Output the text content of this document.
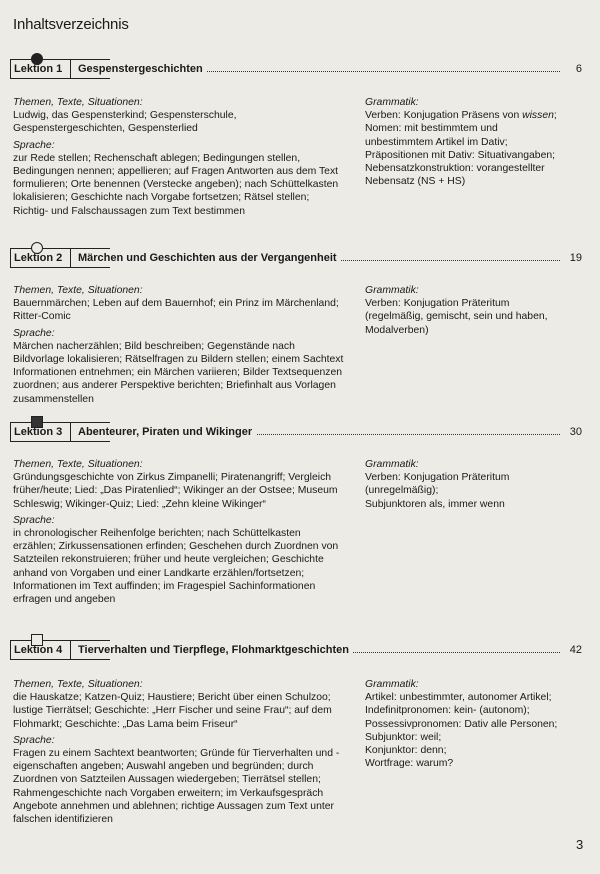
Inhaltsverzeichnis
Lektion 1	Gespenstergeschichten	6
Themen, Texte, Situationen:
Ludwig, das Gespensterkind; Gespensterschule, Gespenstergeschichten, Gespensterlied
Sprache:
zur Rede stellen; Rechenschaft ablegen; Bedingungen stellen, Bedingungen nennen; appellieren; auf Fragen Antworten aus dem Text formulieren; Orte benennen (Verstecke angeben); nach Schüttelkasten lokalisieren; Geschichte nach Vorgabe fortsetzen; Rätsel stellen; Richtig- und Falschaussagen zum Text bestimmen
Grammatik:
Verben: Konjugation Präsens von wissen;
Nomen: mit bestimmtem und
unbestimmtem Artikel im Dativ;
Präpositionen mit Dativ: Situativangaben;
Nebensatzkonstruktion: vorangestellter
Nebensatz (NS + HS)
Lektion 2	Märchen und Geschichten aus der Vergangenheit	19
Themen, Texte, Situationen:
Bauernmärchen; Leben auf dem Bauernhof; ein Prinz im Märchenland; Ritter-Comic
Sprache:
Märchen nacherzählen; Bild beschreiben; Gegenstände nach Bildvorlage lokalisieren; Rätselfragen zu Bildern stellen; einem Sachtext Informationen entnehmen; ein Märchen variieren; Bilder Textsequenzen zuordnen; aus anderer Perspektive berichten; Briefinhalt aus Vorlagen zusammenstellen
Grammatik:
Verben: Konjugation Präteritum
(regelmäßig, gemischt, sein und haben,
Modalverben)
Lektion 3	Abenteurer, Piraten und Wikinger	30
Themen, Texte, Situationen:
Gründungsgeschichte von Zirkus Zimpanelli; Piratenangriff; Vergleich früher/heute; Lied: „Das Piratenlied“; Wikinger an der Ostsee; Museum Schleswig; Wikinger-Quiz; Lied: „Zehn kleine Wikinger“
Sprache:
in chronologischer Reihenfolge berichten; nach Schüttelkasten erzählen; Zirkussensationen erfinden; Geschehen durch Zuordnen von Satzteilen rekonstruieren; früher und heute vergleichen; Geschichte anhand von Vorgaben und einer Landkarte erzählen/fortsetzen; Informationen im Text auffinden; im Fragespiel Sachinformationen erfragen und angeben
Grammatik:
Verben: Konjugation Präteritum
(unregelmäßig);
Subjunktoren als, immer wenn
Lektion 4	Tierverhalten und Tierpflege, Flohmarktgeschichten	42
Themen, Texte, Situationen:
die Hauskatze; Katzen-Quiz; Haustiere; Bericht über einen Schulzoo; lustige Tierrätsel; Geschichte: „Herr Fischer und seine Frau“; auf dem Flohmarkt; Geschichte: „Das Lama beim Friseur“
Sprache:
Fragen zu einem Sachtext beantworten; Gründe für Tierverhalten und -eigenschaften angeben; Auswahl angeben und begründen; durch Zuordnen von Satzteilen Aussagen wiedergeben; Tierrätsel stellen; Rahmengeschichte nach Vorgaben erweitern; im Verkaufsgespräch Angebote annehmen und ablehnen; richtige Aussagen zum Text unter falschen identifizieren
Grammatik:
Artikel: unbestimmter, autonomer Artikel;
Indefinitpronomen: kein- (autonom);
Possessivpronomen: Dativ alle Personen;
Subjunktor: weil;
Konjunktor: denn;
Wortfrage: warum?
3
